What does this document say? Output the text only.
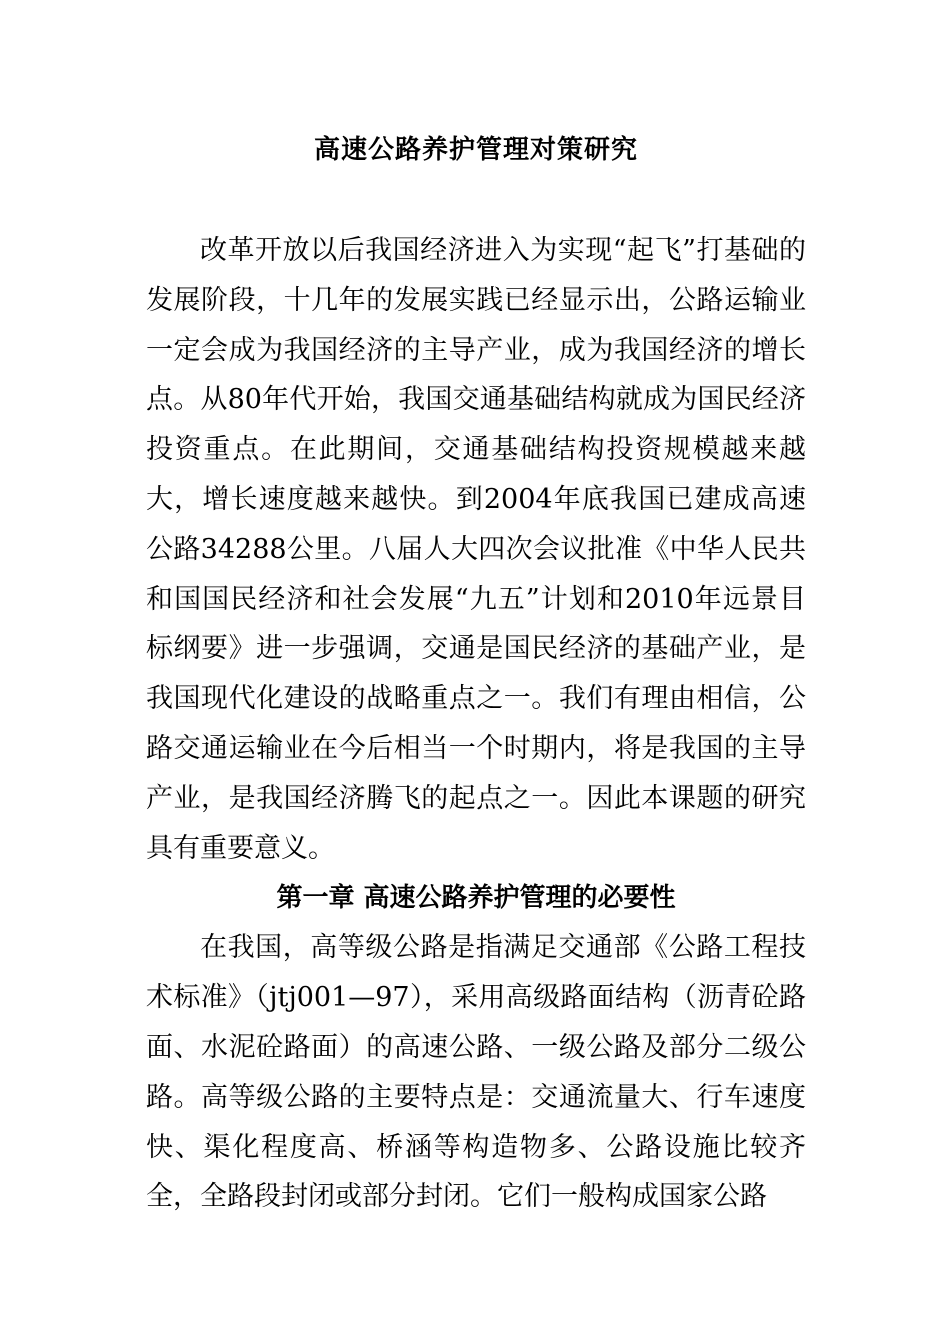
高速公路养护管理对策研究

改革开放以后我国经济进入为实现“起飞”打基础的发展阶段，十几年的发展实践已经显示出，公路运输业一定会成为我国经济的主导产业，成为我国经济的增长点。从80年代开始，我国交通基础结构就成为国民经济投资重点。在此期间，交通基础结构投资规模越来越大，增长速度越来越快。到2004年底我国已建成高速公路34288公里。八届人大四次会议批准《中华人民共和国国民经济和社会发展“九五”计划和2010年远景目标纲要》进一步强调，交通是国民经济的基础产业，是我国现代化建设的战略重点之一。我们有理由相信，公路交通运输业在今后相当一个时期内，将是我国的主导产业，是我国经济腾飞的起点之一。因此本课题的研究具有重要意义。

第一章 高速公路养护管理的必要性

在我国，高等级公路是指满足交通部《公路工程技术标准》（jtj001—97），采用高级路面结构（沥青砼路面、水泥砼路面）的高速公路、一级公路及部分二级公路。高等级公路的主要特点是：交通流量大、行车速度快、渠化程度高、桥涵等构造物多、公路设施比较齐全，全路段封闭或部分封闭。它们一般构成国家公路
